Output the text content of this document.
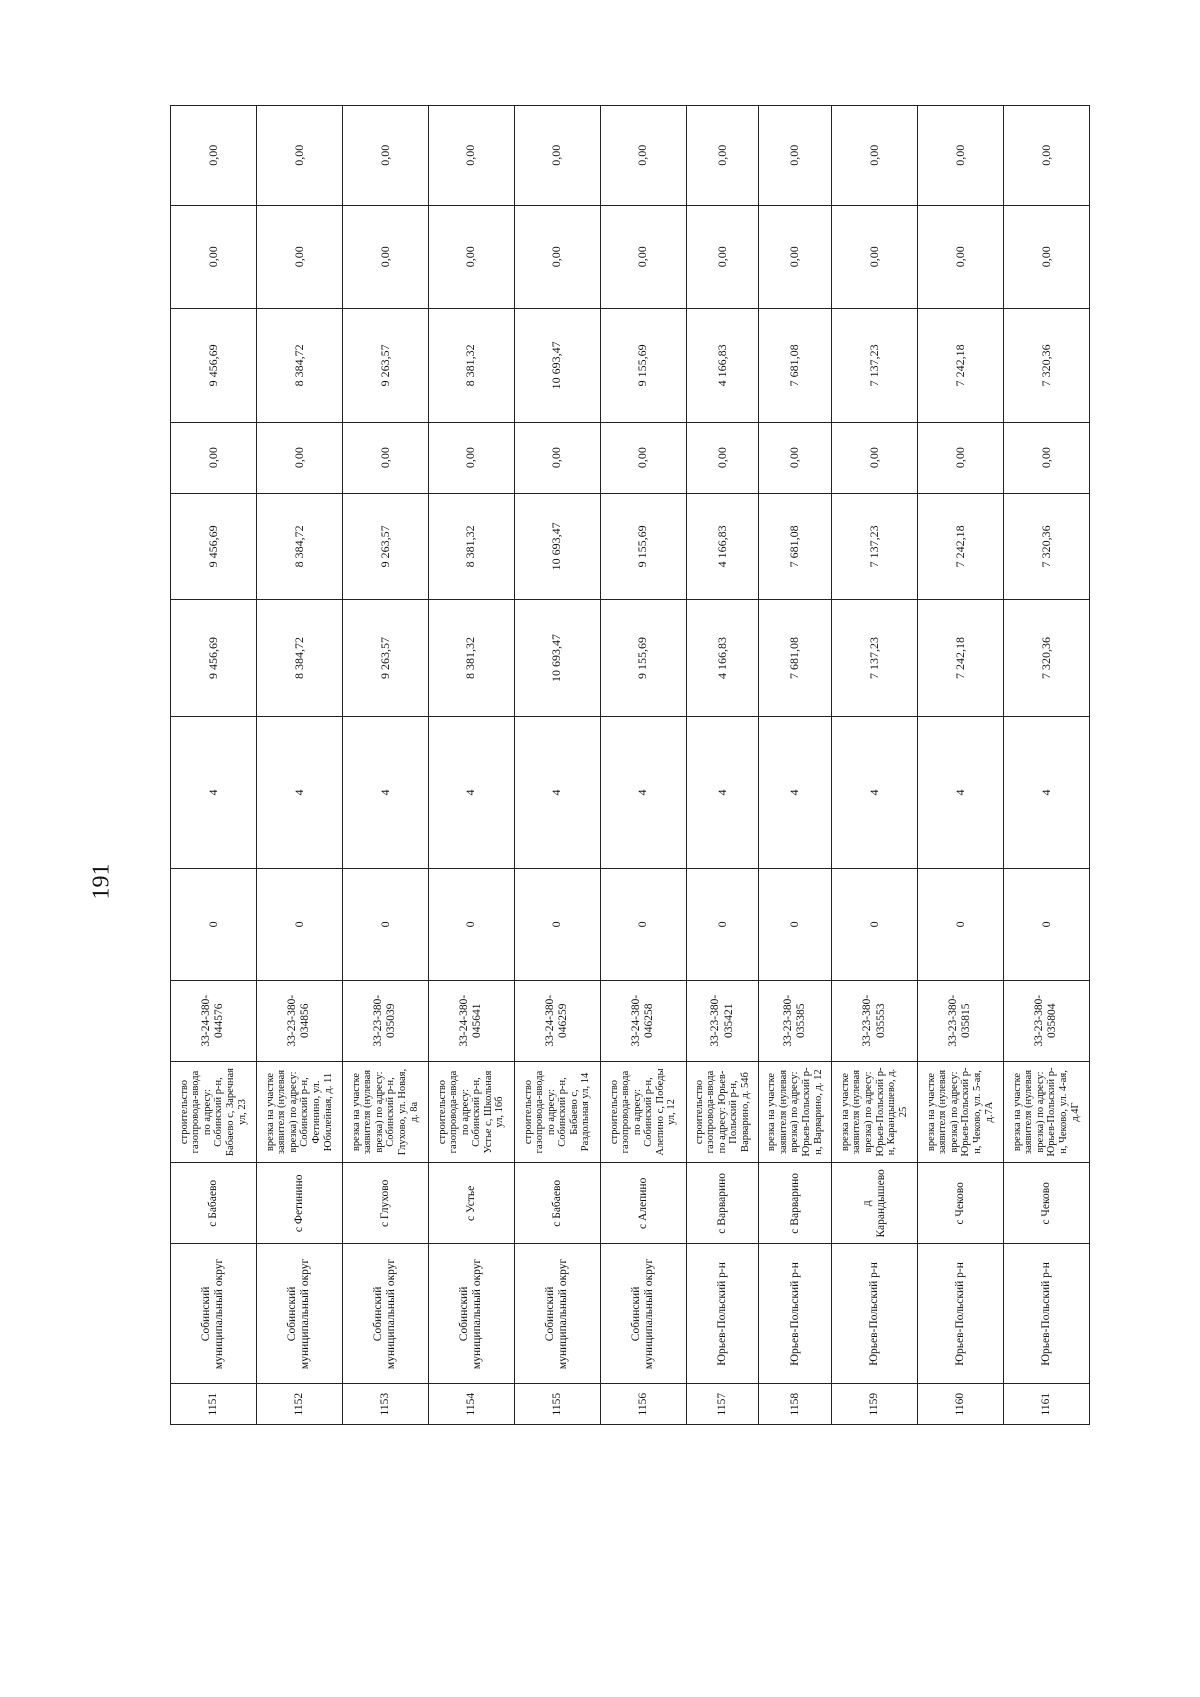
191
1151	Собинский муниципальный округ	с Бабаево	строительство газопровода-ввода по адресу: Собинский р-н, Бабаево с, Заречная ул, 23	33-24-380-044576	0	4	9 456,69	9 456,69	0,00	9 456,69	0,00	0,00
1152	Собинский муниципальный округ	с Фетинино	врезка на участке заявителя (нулевая врезка) по адресу: Собинский р-н, Фетинино, ул. Юбилейная, д. 11	33-23-380-034856	0	4	8 384,72	8 384,72	0,00	8 384,72	0,00	0,00
1153	Собинский муниципальный округ	с Глухово	врезка на участке заявителя (нулевая врезка) по адресу: Собинский р-н, Глухово, ул. Новая, д. 8а	33-23-380-035039	0	4	9 263,57	9 263,57	0,00	9 263,57	0,00	0,00
1154	Собинский муниципальный округ	с Устье	строительство газопровода-ввода по адресу: Собинский р-н, Устье с, Школьная ул, 16б	33-24-380-045641	0	4	8 381,32	8 381,32	0,00	8 381,32	0,00	0,00
1155	Собинский муниципальный округ	с Бабаево	строительство газопровода-ввода по адресу: Собинский р-н, Бабаево с, Раздольная ул, 14	33-24-380-046259	0	4	10 693,47	10 693,47	0,00	10 693,47	0,00	0,00
1156	Собинский муниципальный округ	с Алепино	строительство газопровода-ввода по адресу: Собинский р-н, Алепино с, Победы ул, 12	33-24-380-046258	0	4	9 155,69	9 155,69	0,00	9 155,69	0,00	0,00
1157	Юрьев-Польский р-н	с Варварино	строительство газопровода-ввода по адресу: Юрьев-Польский р-н, Варварино, д. 54б	33-23-380-035421	0	4	4 166,83	4 166,83	0,00	4 166,83	0,00	0,00
1158	Юрьев-Польский р-н	с Варварино	врезка на участке заявителя (нулевая врезка) по адресу: Юрьев-Польский р-н, Варварино, д. 12	33-23-380-035385	0	4	7 681,08	7 681,08	0,00	7 681,08	0,00	0,00
1159	Юрьев-Польский р-н	д Карандышево	врезка на участке заявителя (нулевая врезка) по адресу: Юрьев-Польский р-н, Карандышево, д. 25	33-23-380-035553	0	4	7 137,23	7 137,23	0,00	7 137,23	0,00	0,00
1160	Юрьев-Польский р-н	с Чеково	врезка на участке заявителя (нулевая врезка) по адресу: Юрьев-Польский р-н, Чеково, ул. 5-ая, д.7А	33-23-380-035815	0	4	7 242,18	7 242,18	0,00	7 242,18	0,00	0,00
1161	Юрьев-Польский р-н	с Чеково	врезка на участке заявителя (нулевая врезка) по адресу: Юрьев-Польский р-н, Чеково, ул. 4-ая, д.4Г	33-23-380-035804	0	4	7 320,36	7 320,36	0,00	7 320,36	0,00	0,00
